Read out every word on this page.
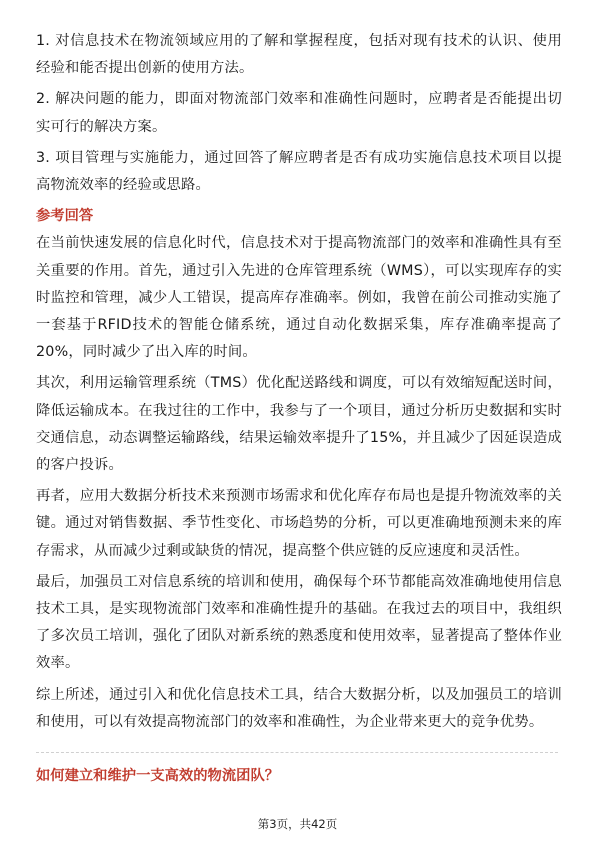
1. 对信息技术在物流领域应用的了解和掌握程度，包括对现有技术的认识、使用经验和能否提出创新的使用方法。

2. 解决问题的能力，即面对物流部门效率和准确性问题时，应聘者是否能提出切实可行的解决方案。

3. 项目管理与实施能力，通过回答了解应聘者是否有成功实施信息技术项目以提高物流效率的经验或思路。

参考回答

在当前快速发展的信息化时代，信息技术对于提高物流部门的效率和准确性具有至关重要的作用。首先，通过引入先进的仓库管理系统（WMS），可以实现库存的实时监控和管理，减少人工错误，提高库存准确率。例如，我曾在前公司推动实施了一套基于RFID技术的智能仓储系统，通过自动化数据采集，库存准确率提高了20%，同时减少了出入库的时间。

其次，利用运输管理系统（TMS）优化配送路线和调度，可以有效缩短配送时间，降低运输成本。在我过往的工作中，我参与了一个项目，通过分析历史数据和实时交通信息，动态调整运输路线，结果运输效率提升了15%，并且减少了因延误造成的客户投诉。

再者，应用大数据分析技术来预测市场需求和优化库存布局也是提升物流效率的关键。通过对销售数据、季节性变化、市场趋势的分析，可以更准确地预测未来的库存需求，从而减少过剩或缺货的情况，提高整个供应链的反应速度和灵活性。

最后，加强员工对信息系统的培训和使用，确保每个环节都能高效准确地使用信息技术工具，是实现物流部门效率和准确性提升的基础。在我过去的项目中，我组织了多次员工培训，强化了团队对新系统的熟悉度和使用效率，显著提高了整体作业效率。

综上所述，通过引入和优化信息技术工具，结合大数据分析，以及加强员工的培训和使用，可以有效提高物流部门的效率和准确性，为企业带来更大的竞争优势。

如何建立和维护一支高效的物流团队？

第3页，共42页
